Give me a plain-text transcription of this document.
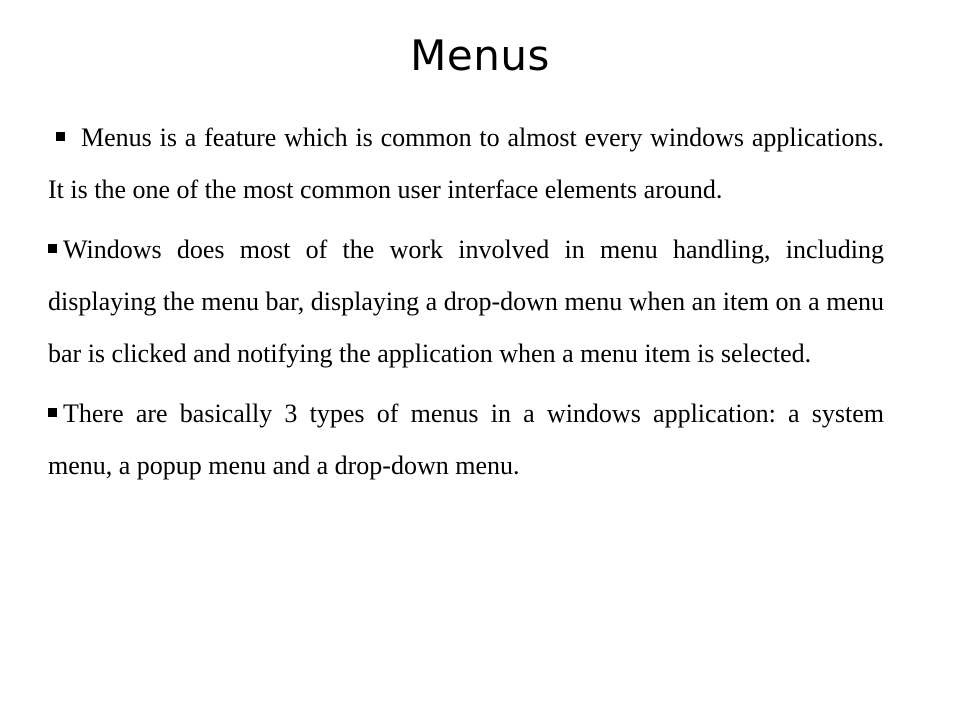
Menus

Menus is a feature which is common to almost every windows applications. It is the one of the most common user interface elements around.

Windows does most of the work involved in menu handling, including displaying the menu bar, displaying a drop-down menu when an item on a menu bar is clicked and notifying the application when a menu item is selected.

There are basically 3 types of menus in a windows application: a system menu, a popup menu and a drop-down menu.
